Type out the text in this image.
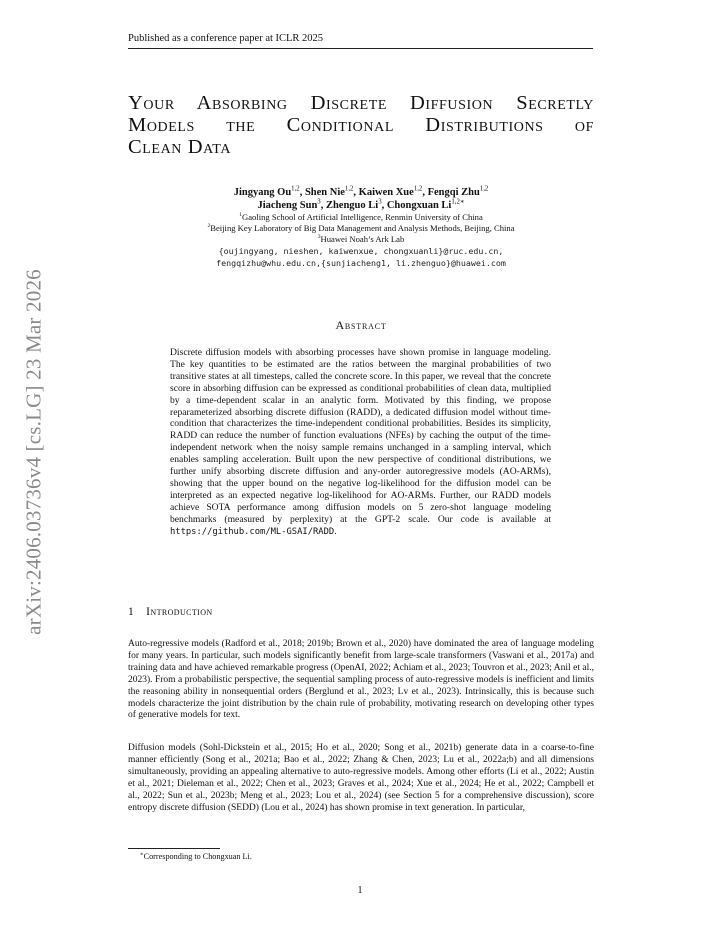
Published as a conference paper at ICLR 2025
arXiv:2406.03736v4 [cs.LG] 23 Mar 2026
Your Absorbing Discrete Diffusion Secretly
Models the Conditional Distributions of
Clean Data
Jingyang Ou$^{1,2}$, Shen Nie$^{1,2}$, Kaiwen Xue$^{1,2}$, Fengqi Zhu$^{1,2}$
Jiacheng Sun$^3$, Zhenguo Li$^3$, Chongxuan $Li^{1,2∗}$
$^1$Gaoling School of Artificial Intelligence, Renmin University of China
$^2$Beijing Key Laboratory of Big Data Management and Analysis Methods, Beijing, China
$^3$Huawei Noah’s Ark Lab
{oujingyang, nieshen, kaiwenxue, chongxuanli}@ruc.edu.cn,
fengqizhu@whu.edu.cn,{sunjiacheng1, li.zhenguo}@huawei.com
Abstract
Discrete diffusion models with absorbing processes have shown promise in language modeling. The key quantities to be estimated are the ratios between the marginal probabilities of two transitive states at all timesteps, called the concrete score. In this paper, we reveal that the concrete score in absorbing diffusion can be expressed as conditional probabilities of clean data, multiplied by a time-dependent scalar in an analytic form. Motivated by this finding, we propose reparameterized absorbing discrete diffusion (RADD), a dedicated diffusion model without time-condition that characterizes the time-independent conditional probabilities. Besides its simplicity, RADD can reduce the number of function evaluations (NFEs) by caching the output of the time-independent network when the noisy sample remains unchanged in a sampling interval, which enables sampling acceleration. Built upon the new perspective of conditional distributions, we further unify absorbing discrete diffusion and any-order autoregressive models (AO-ARMs), showing that the upper bound on the negative log-likelihood for the diffusion model can be interpreted as an expected negative log-likelihood for AO-ARMs. Further, our RADD models achieve SOTA performance among diffusion models on 5 zero-shot language modeling benchmarks (measured by perplexity) at the GPT-2 scale. Our code is available at https://github.com/ML-GSAI/RADD.
1 Introduction
Auto-regressive models (Radford et al., 2018; 2019b; Brown et al., 2020) have dominated the area of language modeling for many years. In particular, such models significantly benefit from large-scale transformers (Vaswani et al., 2017a) and training data and have achieved remarkable progress (OpenAI, 2022; Achiam et al., 2023; Touvron et al., 2023; Anil et al., 2023). From a probabilistic perspective, the sequential sampling process of auto-regressive models is inefficient and limits the reasoning ability in nonsequential orders (Berglund et al., 2023; Lv et al., 2023). Intrinsically, this is because such models characterize the joint distribution by the chain rule of probability, motivating research on developing other types of generative models for text.
Diffusion models (Sohl-Dickstein et al., 2015; Ho et al., 2020; Song et al., 2021b) generate data in a coarse-to-fine manner efficiently (Song et al., 2021a; Bao et al., 2022; Zhang & Chen, 2023; Lu et al., 2022a;b) and all dimensions simultaneously, providing an appealing alternative to auto-regressive models. Among other efforts (Li et al., 2022; Austin et al., 2021; Dieleman et al., 2022; Chen et al., 2023; Graves et al., 2024; Xue et al., 2024; He et al., 2022; Campbell et al., 2022; Sun et al., 2023b; Meng et al., 2023; Lou et al., 2024) (see Section 5 for a comprehensive discussion), score entropy discrete diffusion (SEDD) (Lou et al., 2024) has shown promise in text generation. In particular,
∗Corresponding to Chongxuan Li.
1
